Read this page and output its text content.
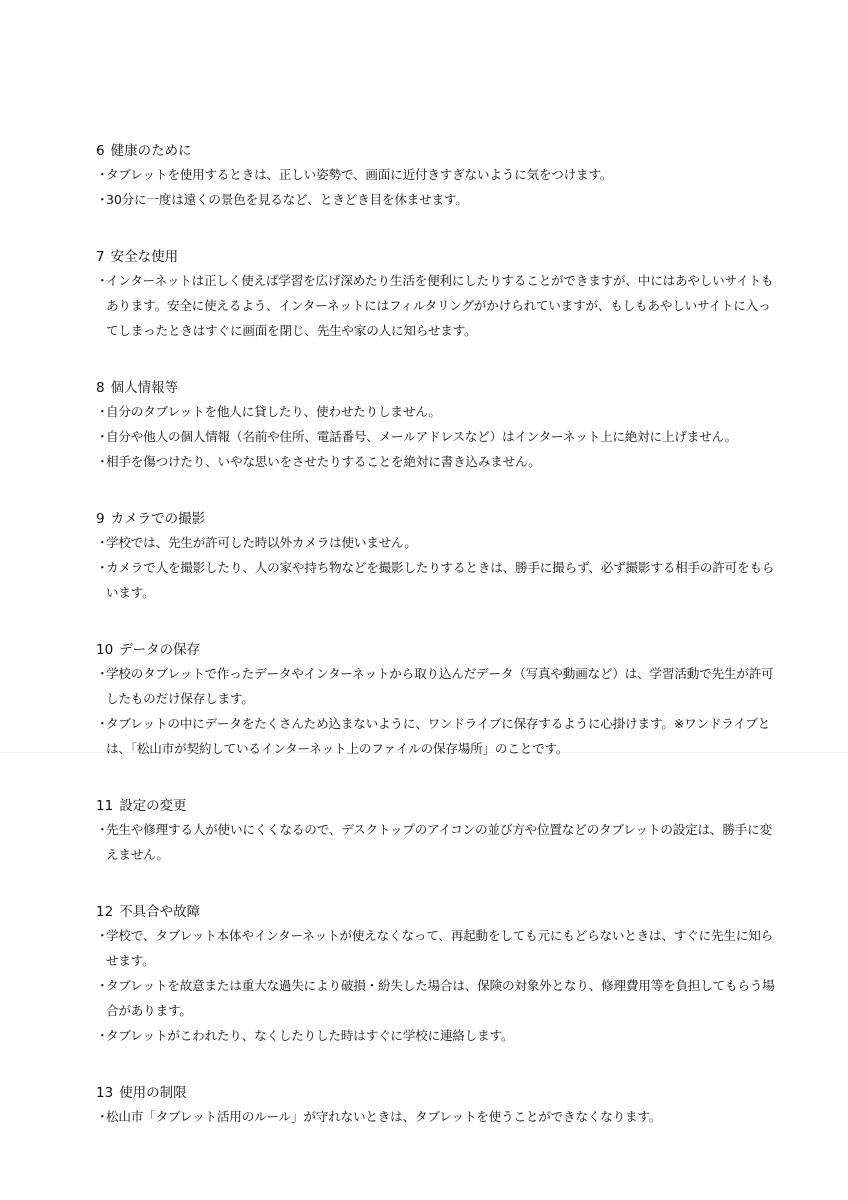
6 健康のために
・
タブレットを使用するときは、正しい姿勢で、画面に近付きすぎないように気をつけます。
・
30分に一度は遠くの景色を見るなど、ときどき目を休ませます。
7 安全な使用
・
インターネットは正しく使えば学習を広げ深めたり生活を便利にしたりすることができますが、中にはあやしいサイトもあります。安全に使えるよう、インターネットにはフィルタリングがかけられていますが、もしもあやしいサイトに入ってしまったときはすぐに画面を閉じ、先生や家の人に知らせます。
8 個人情報等
・
自分のタブレットを他人に貸したり、使わせたりしません。
・
自分や他人の個人情報（名前や住所、電話番号、メールアドレスなど）はインターネット上に絶対に上げません。
・
相手を傷つけたり、いやな思いをさせたりすることを絶対に書き込みません。
9 カメラでの撮影
・
学校では、先生が許可した時以外カメラは使いません。
・
カメラで人を撮影したり、人の家や持ち物などを撮影したりするときは、勝手に撮らず、必ず撮影する相手の許可をもらいます。
10 データの保存
・
学校のタブレットで作ったデータやインターネットから取り込んだデータ（写真や動画など）は、学習活動で先生が許可したものだけ保存します。
・
タブレットの中にデータをたくさんため込まないように、ワンドライブに保存するように心掛けます。※ワンドライブとは、「松山市が契約しているインターネット上のファイルの保存場所」のことです。
11 設定の変更
・
先生や修理する人が使いにくくなるので、デスクトップのアイコンの並び方や位置などのタブレットの設定は、勝手に変えません。
12 不具合や故障
・
学校で、タブレット本体やインターネットが使えなくなって、再起動をしても元にもどらないときは、すぐに先生に知らせます。
・
タブレットを故意または重大な過失により破損・紛失した場合は、保険の対象外となり、修理費用等を負担してもらう場合があります。
・
タブレットがこわれたり、なくしたりした時はすぐに学校に連絡します。
13 使用の制限
・
松山市「タブレット活用のルール」が守れないときは、タブレットを使うことができなくなります。
